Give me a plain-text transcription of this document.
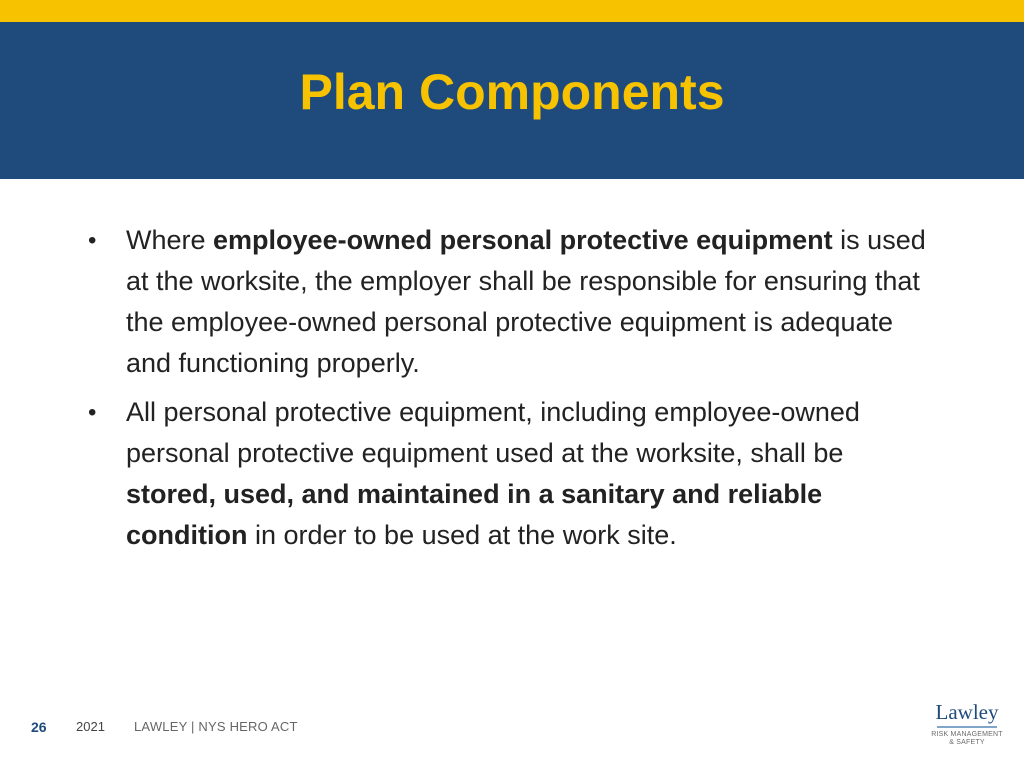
Plan Components
•	Where employee-owned personal protective equipment is used at the worksite, the employer shall be responsible for ensuring that the employee-owned personal protective equipment is adequate and functioning properly.
•	All personal protective equipment, including employee-owned personal protective equipment used at the worksite, shall be stored, used, and maintained in a sanitary and reliable condition in order to be used at the work site.
26 2021 LAWLEY | NYS HERO ACT
Lawley
RISK MANAGEMENT
& SAFETY
